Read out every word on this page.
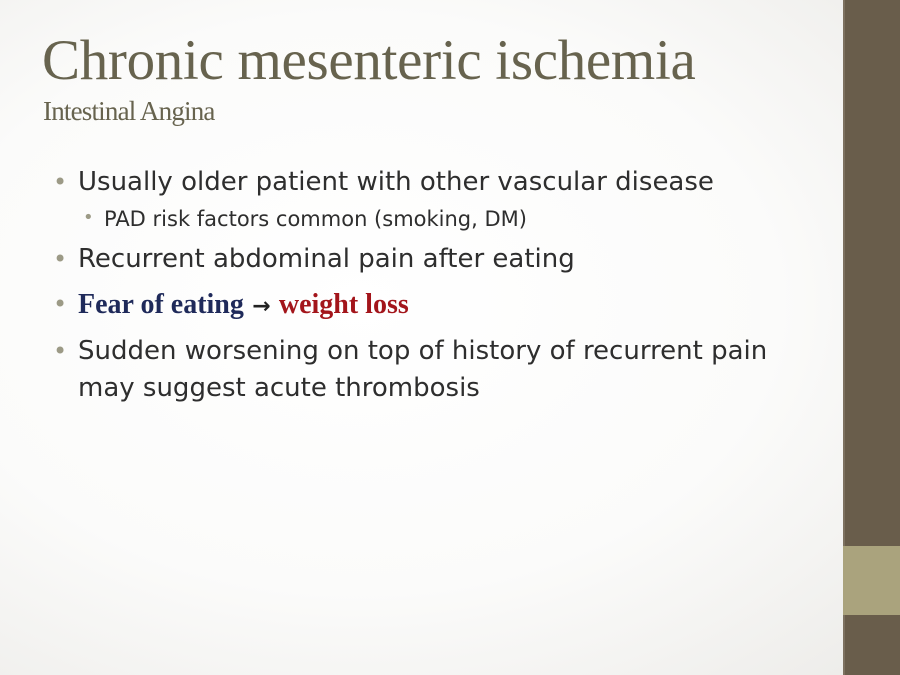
Chronic mesenteric ischemia
Intestinal Angina
• Usually older patient with other vascular disease
• PAD risk factors common (smoking, DM)
• Recurrent abdominal pain after eating
• Fear of eating → weight loss
• Sudden worsening on top of history of recurrent pain
may suggest acute thrombosis
